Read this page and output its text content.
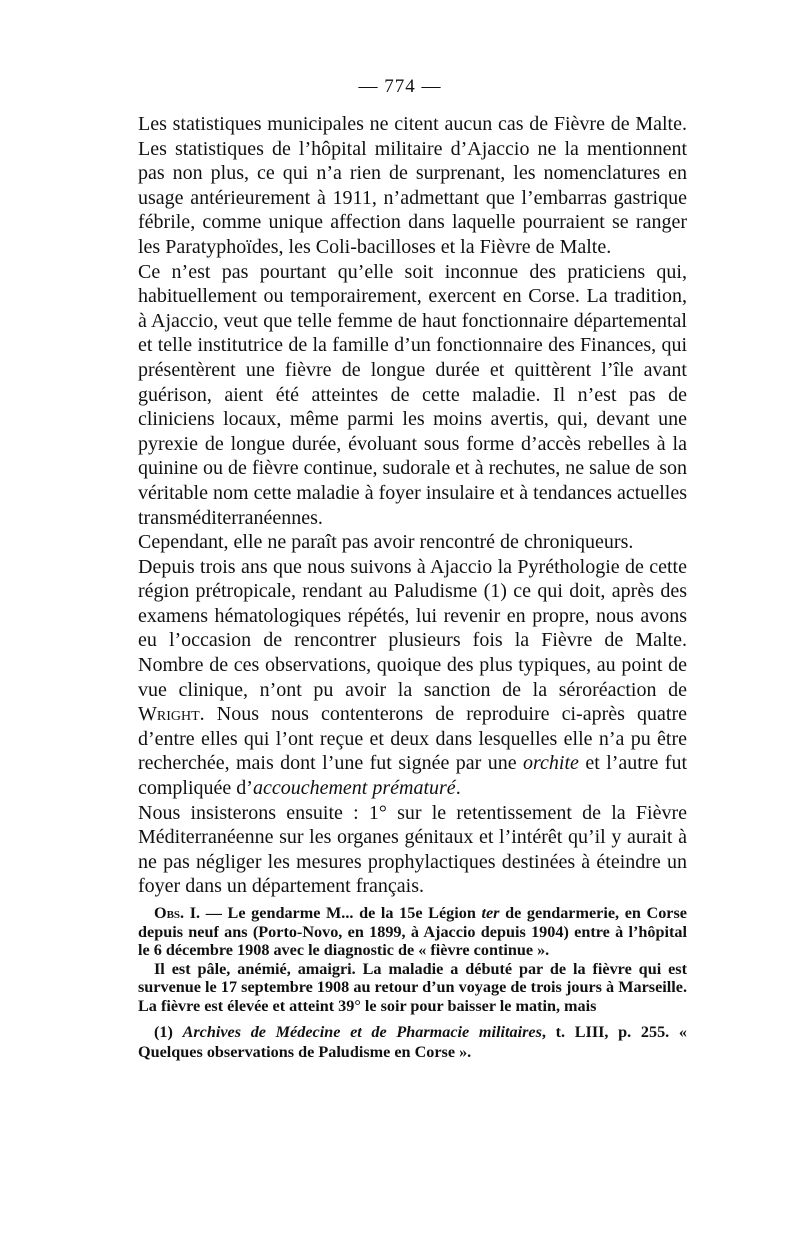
— 774 —

Les statistiques municipales ne citent aucun cas de Fièvre de Malte. Les statistiques de l’hôpital militaire d’Ajaccio ne la mentionnent pas non plus, ce qui n’a rien de surprenant, les nomenclatures en usage antérieurement à 1911, n’admettant que l’embarras gastrique fébrile, comme unique affection dans laquelle pourraient se ranger les Paratyphoïdes, les Coli-bacilloses et la Fièvre de Malte.

Ce n’est pas pourtant qu’elle soit inconnue des praticiens qui, habituellement ou temporairement, exercent en Corse. La tradition, à Ajaccio, veut que telle femme de haut fonctionnaire départemental et telle institutrice de la famille d’un fonctionnaire des Finances, qui présentèrent une fièvre de longue durée et quittèrent l’île avant guérison, aient été atteintes de cette maladie. Il n’est pas de cliniciens locaux, même parmi les moins avertis, qui, devant une pyrexie de longue durée, évoluant sous forme d’accès rebelles à la quinine ou de fièvre continue, sudorale et à rechutes, ne salue de son véritable nom cette maladie à foyer insulaire et à tendances actuelles transméditerranéennes.

Cependant, elle ne paraît pas avoir rencontré de chroniqueurs.

Depuis trois ans que nous suivons à Ajaccio la Pyréthologie de cette région prétropicale, rendant au Paludisme (1) ce qui doit, après des examens hématologiques répétés, lui revenir en propre, nous avons eu l’occasion de rencontrer plusieurs fois la Fièvre de Malte. Nombre de ces observations, quoique des plus typiques, au point de vue clinique, n’ont pu avoir la sanction de la séroréaction de Wright. Nous nous contenterons de reproduire ci-après quatre d’entre elles qui l’ont reçue et deux dans lesquelles elle n’a pu être recherchée, mais dont l’une fut signée par une orchite et l’autre fut compliquée d’accouchement prématuré.

Nous insisterons ensuite : 1° sur le retentissement de la Fièvre Méditerranéenne sur les organes génitaux et l’intérêt qu’il y aurait à ne pas négliger les mesures prophylactiques destinées à éteindre un foyer dans un département français.

Obs. I. — Le gendarme M... de la 15e Légion ter de gendarmerie, en Corse depuis neuf ans (Porto-Novo, en 1899, à Ajaccio depuis 1904) entre à l’hôpital le 6 décembre 1908 avec le diagnostic de « fièvre continue ».

Il est pâle, anémié, amaigri. La maladie a débuté par de la fièvre qui est survenue le 17 septembre 1908 au retour d’un voyage de trois jours à Marseille. La fièvre est élevée et atteint 39° le soir pour baisser le matin, mais

(1) Archives de Médecine et de Pharmacie militaires, t. LIII, p. 255. « Quelques observations de Paludisme en Corse ».
